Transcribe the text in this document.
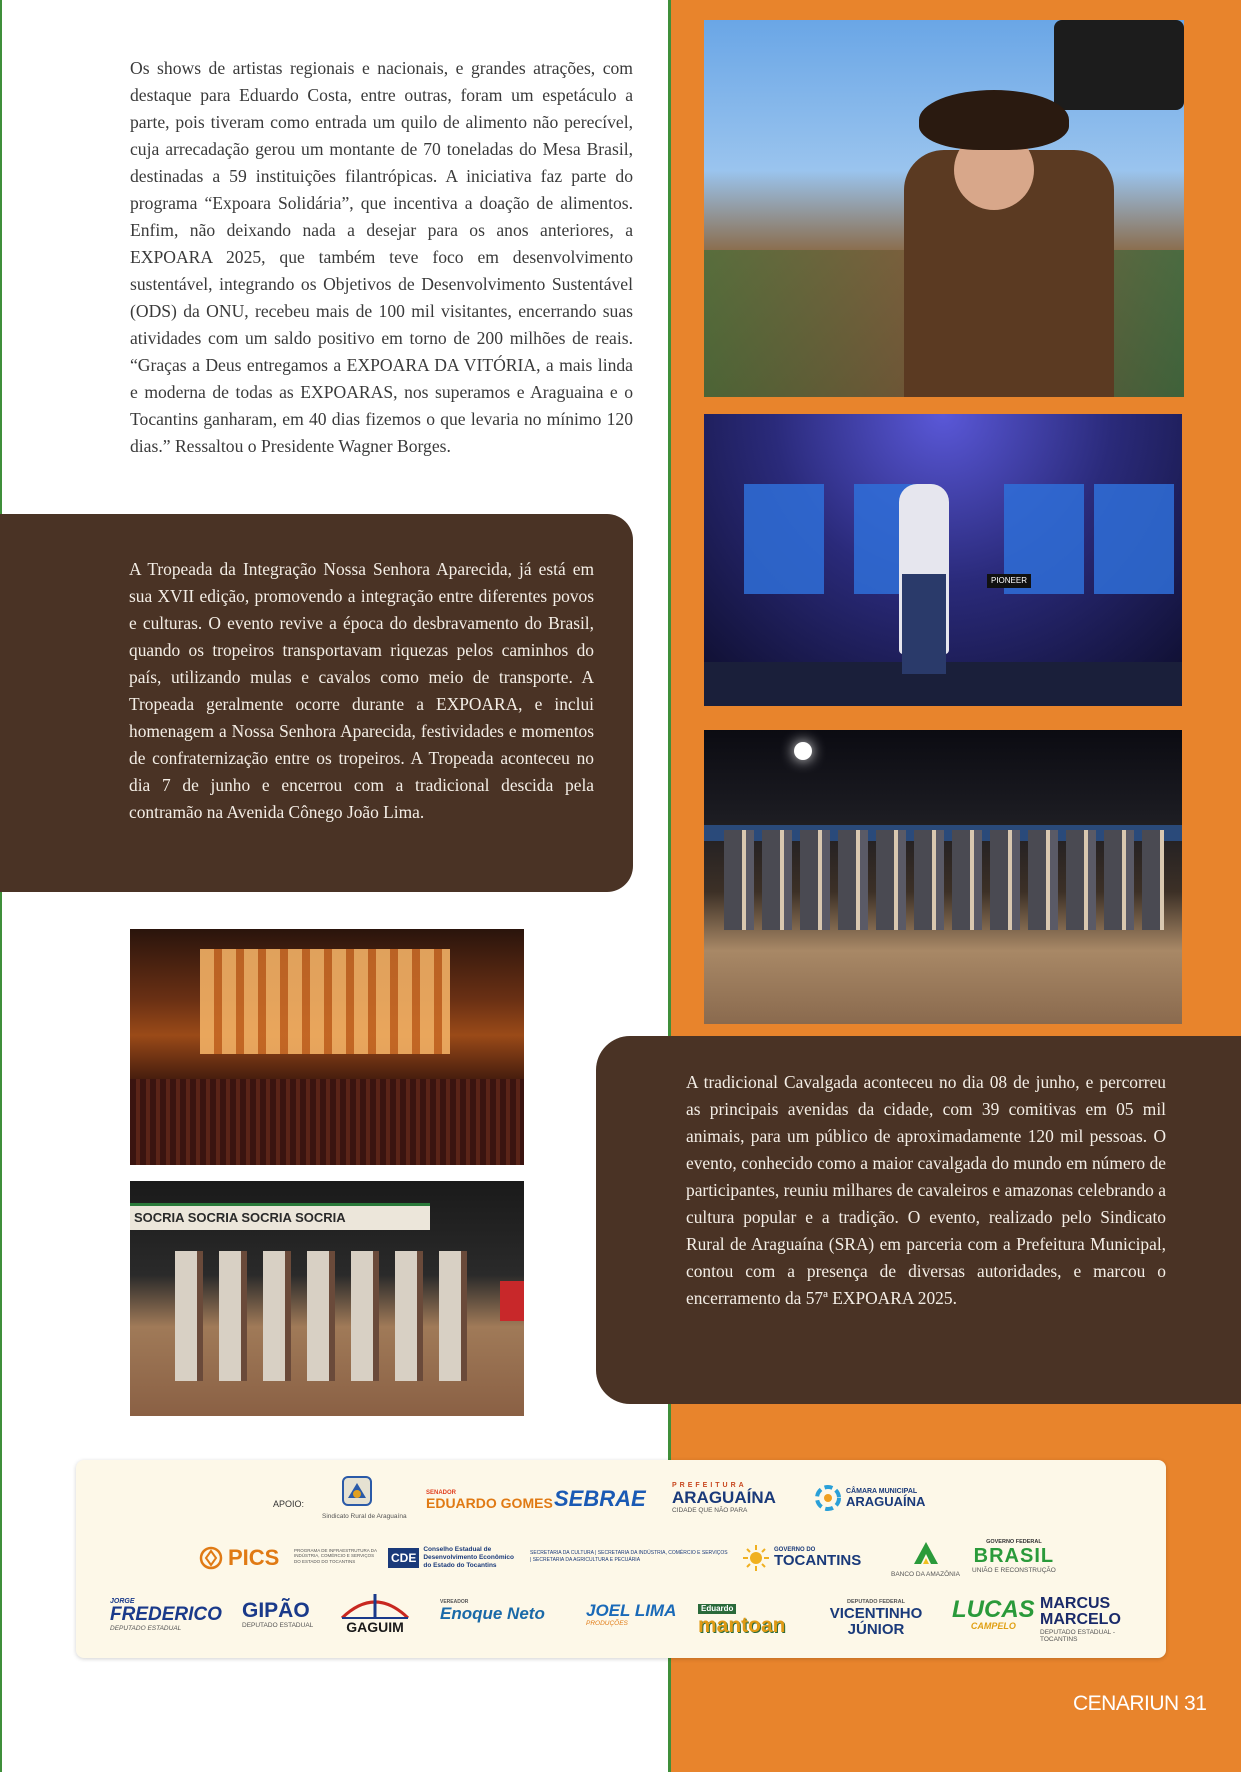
Os shows de artistas regionais e nacionais, e grandes atrações, com destaque para Eduardo Costa, entre outras, foram um espetáculo a parte, pois tiveram como entrada um quilo de alimento não perecível, cuja arrecadação gerou um montante de 70 toneladas do Mesa Brasil, destinadas a 59 instituições filantrópicas. A iniciativa faz parte do programa “Expoara Solidária”, que incentiva a doação de alimentos. Enfim, não deixando nada a desejar para os anos anteriores, a EXPOARA 2025, que também teve foco em desenvolvimento sustentável, integrando os Objetivos de Desenvolvimento Sustentável (ODS) da ONU, recebeu mais de 100 mil visitantes, encerrando suas atividades com um saldo positivo em torno de 200 milhões de reais. “Graças a Deus entregamos a EXPOARA DA VITÓRIA, a mais linda e moderna de todas as EXPOARAS, nos superamos e Araguaina e o Tocantins ganharam, em 40 dias fizemos o que levaria no mínimo 120 dias.” Ressaltou o Presidente Wagner Borges.

A Tropeada da Integração Nossa Senhora Aparecida, já está em sua XVII edição, promovendo a integração entre diferentes povos e culturas. O evento revive a época do desbravamento do Brasil, quando os tropeiros transportavam riquezas pelos caminhos do país, utilizando mulas e cavalos como meio de transporte. A Tropeada geralmente ocorre durante a EXPOARA, e inclui homenagem a Nossa Senhora Aparecida, festividades e momentos de confraternização entre os tropeiros. A Tropeada aconteceu no dia 7 de junho e encerrou com a tradicional descida pela contramão na Avenida Cônego João Lima.

A tradicional Cavalgada aconteceu no dia 08 de junho, e percorreu as principais avenidas da cidade, com 39 comitivas em 05 mil animais, para um público de aproximadamente 120 mil pessoas. O evento, conhecido como a maior cavalgada do mundo em número de participantes, reuniu milhares de cavaleiros e amazonas celebrando a cultura popular e a tradição. O evento, realizado pelo Sindicato Rural de Araguaína (SRA) em parceria com a Prefeitura Municipal, contou com a presença de diversas autoridades, e marcou o encerramento da 57ª EXPOARA 2025.

PIONEER
SOCRIA SOCRIA SOCRIA SOCRIA
APOIO:
Sindicato Rural de Araguaína
SENADOR
EDUARDO GOMES SEBRAE
PREFEITURA
ARAGUAÍNA
CIDADE QUE NÃO PARA
CÂMARA MUNICIPAL
ARAGUAÍNA
PICS	PROGRAMA DE INFRAESTRUTURA DA INDÚSTRIA, COMÉRCIO E SERVIÇOS DO ESTADO DO TOCANTINS	CDE
Conselho Estadual de Desenvolvimento Econômico do Estado do Tocantins
SECRETARIA DA CULTURA | SECRETARIA DA INDÚSTRIA, COMÉRCIO E SERVIÇOS | SECRETARIA DA AGRICULTURA E PECUÁRIA
GOVERNO DO
TOCANTINS
BANCO DA AMAZÔNIA
GOVERNO FEDERAL
BRASIL
UNIÃO E RECONSTRUÇÃO
JORGE
FREDERICO
DEPUTADO ESTADUAL
GIPÃO
DEPUTADO ESTADUAL	GAGUIM
VEREADOR
Enoque Neto JOEL LIMA
PRODUÇÕES
Eduardo
mantoan
DEPUTADO FEDERAL
VICENTINHO JÚNIOR
LUCAS
CAMPELO
MARCUS MARCELO
DEPUTADO ESTADUAL - TOCANTINS
CENARIUN 31
